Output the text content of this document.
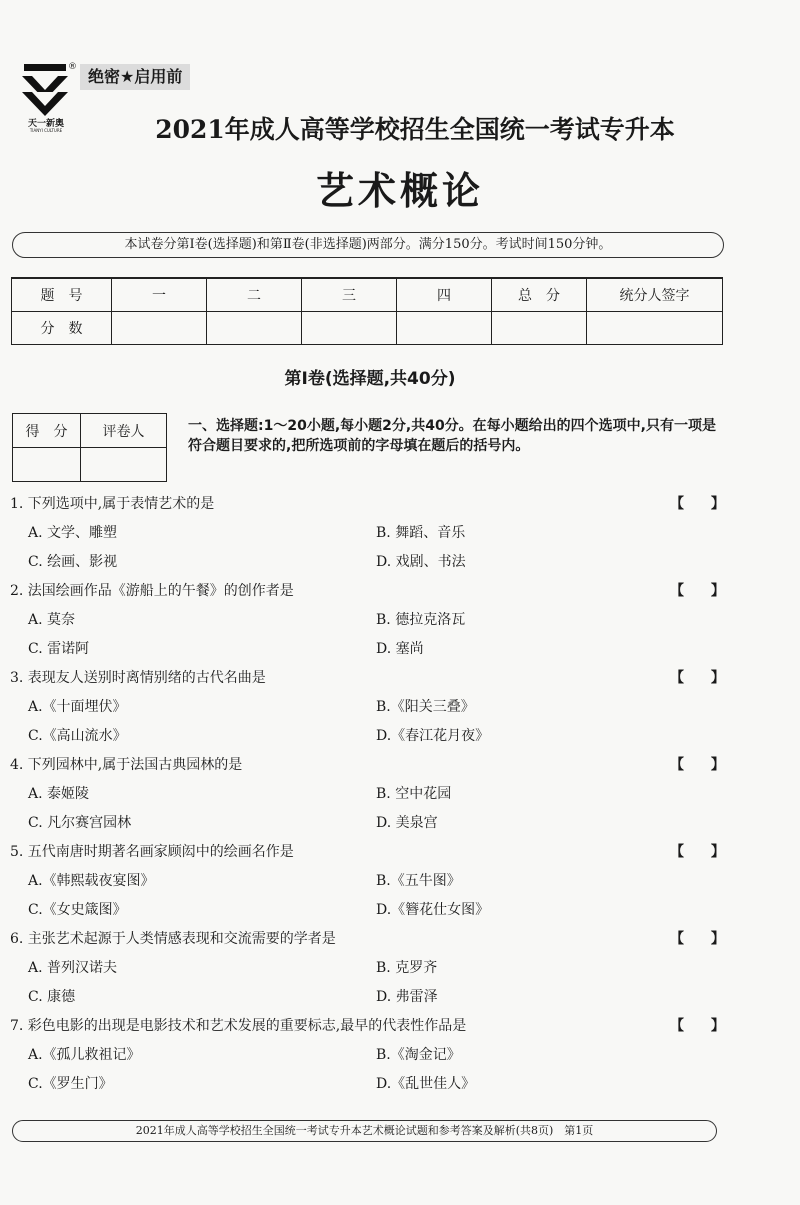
®
天一新奥
TIANYI CULTURE
绝密★启用前
2021年成人高等学校招生全国统一考试专升本
艺术概论
本试卷分第Ⅰ卷(选择题)和第Ⅱ卷(非选择题)两部分。满分150分。考试时间150分钟。
题　号	一	二	三	四	总　分	统分人签字
分　数						
第Ⅰ卷(选择题,共40分)
得　分	评卷人
		一、选择题:1～20小题,每小题2分,共40分。在每小题给出的四个选项中,只有一项是符合题目要求的,把所选项前的字母填在题后的括号内。
1. 下列选项中,属于表情艺术的是	【 】
A. 文学、雕塑	B. 舞蹈、音乐
C. 绘画、影视	D. 戏剧、书法
2. 法国绘画作品《游船上的午餐》的创作者是	【 】
A. 莫奈	B. 德拉克洛瓦
C. 雷诺阿	D. 塞尚
3. 表现友人送别时离情别绪的古代名曲是	【 】
A.《十面埋伏》	B.《阳关三叠》
C.《高山流水》	D.《春江花月夜》
4. 下列园林中,属于法国古典园林的是	【 】
A. 泰姬陵	B. 空中花园
C. 凡尔赛宫园林	D. 美泉宫
5. 五代南唐时期著名画家顾闳中的绘画名作是	【 】
A.《韩熙载夜宴图》	B.《五牛图》
C.《女史箴图》	D.《簪花仕女图》
6. 主张艺术起源于人类情感表现和交流需要的学者是	【 】
A. 普列汉诺夫	B. 克罗齐
C. 康德	D. 弗雷泽
7. 彩色电影的出现是电影技术和艺术发展的重要标志,最早的代表性作品是	【 】
A.《孤儿救祖记》	B.《淘金记》
C.《罗生门》	D.《乱世佳人》
2021年成人高等学校招生全国统一考试专升本艺术概论试题和参考答案及解析(共8页)　第1页
